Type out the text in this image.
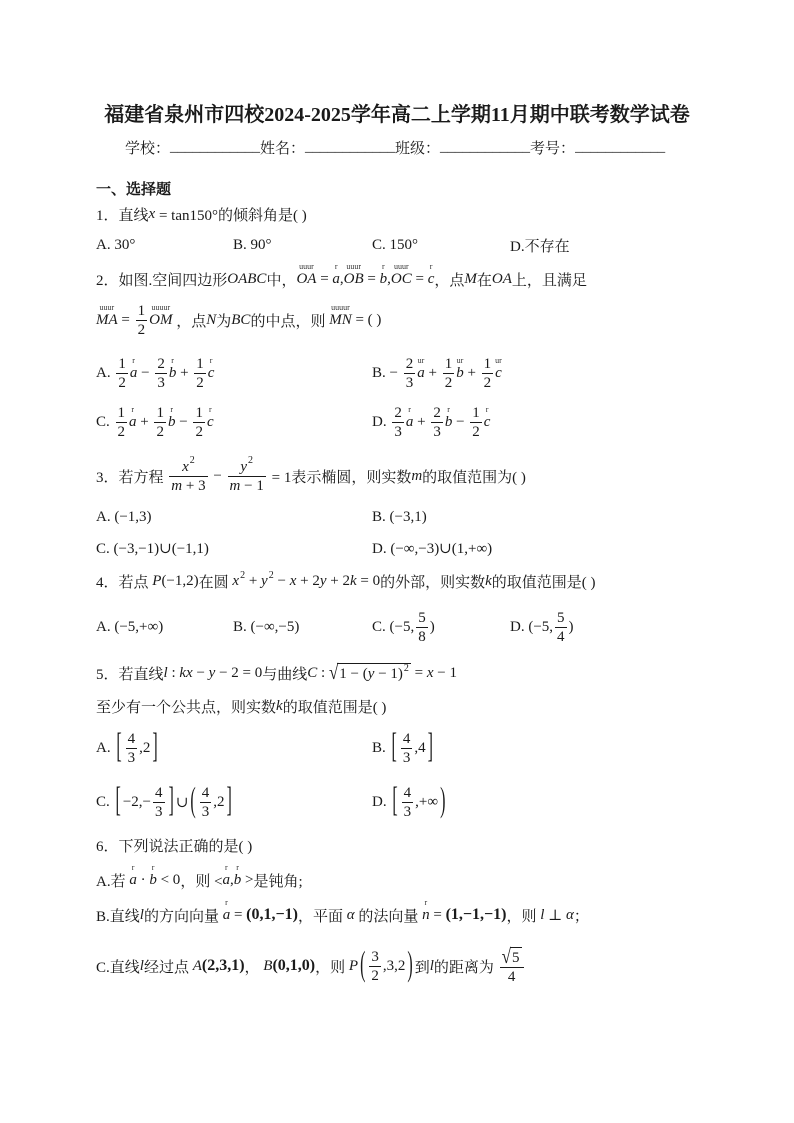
福建省泉州市四校2024-2025学年高二上学期11月期中联考数学试卷
学校： ____________ 姓名： ____________ 班级： ____________ 考号： ____________
一、选择题
1．直线 x = tan150°的倾斜角是( )
A. 30°	B. 90°	C. 150°	D.不存在
2．如图.空间四边形 OABC 中，
uuur
OA =
r
a ,
uuur
OB =
r
b ,
uuur
OC =
r
c ，点 M 在 OA 上，且满足
uuur
MA = $\frac{1}{2}$ uuuur
OM ，点 N 为 BC 的中点，则
uuuur
MN = ( )
A. $\frac{1}{2}$ r
$a - \frac{2}{3}$ r
$b + \frac{1}{2}$ r
c	B. − $\frac{2}{3}$ ur
$a + \frac{1}{2}$ ur
$b + \frac{1}{2}$ ur
c
C. $\frac{1}{2}$ r
$a + \frac{1}{2}$ r
$b - \frac{1}{2}$ r
c	D. $\frac{2}{3}$ r
$a + \frac{2}{3}$ r
$b - \frac{1}{2}$ r
c
3．若方程 $\frac{x 2}{m + 3} - \frac{y 2}{m - 1} = 1$表示椭圆，则实数 m 的取值范围为( )
A. (−1,3)	B. (−3,1)
C. (−3,−1)∪(−1,1)	D. (−∞,−3)∪(1,+∞)
4．若点 P (−1,2) 在圆 x 2 + y 2 − x + 2 y + 2 k = 0 的外部，则实数 k 的取值范围是( )
A. (−5,+∞)	B. (−∞,−5)	C. (−5, $\frac{5}{8}$ )	D. (−5, $\frac{5}{4}$ )
5．若直线 l : kx − y − 2 = 0 与曲线 C : √ 1 − ( y − 1) 2 = x − 1
至少有一个公共点，则实数 k 的取值范围是( )
A. [ $\frac{4}{3} ,2$ ]	B. [ $\frac{4}{3} ,4$ ]
C. [ $-2,- \frac{4}{3}$ ] ∪ ( $\frac{4}{3} ,2$ ]	D. [ $\frac{4}{3}$ ,+∞ )
6．下列说法正确的是( )
A.若
r
a ·
r
b < 0 ，则 <
r
a ,
r
b > 是钝角;
B.直线 l 的方向向量
r
a = (0,1,−1) ，平面 α 的法向量
r
n = (1,−1,−1) ，则 l ⊥ α ；
C.直线 l 经过点 A (2,3,1) ， B (0,1,0) ，则 P ( $\frac{3}{2} ,3,2$ ) 到 l 的距离为 $\frac{√ 5}{4}$
